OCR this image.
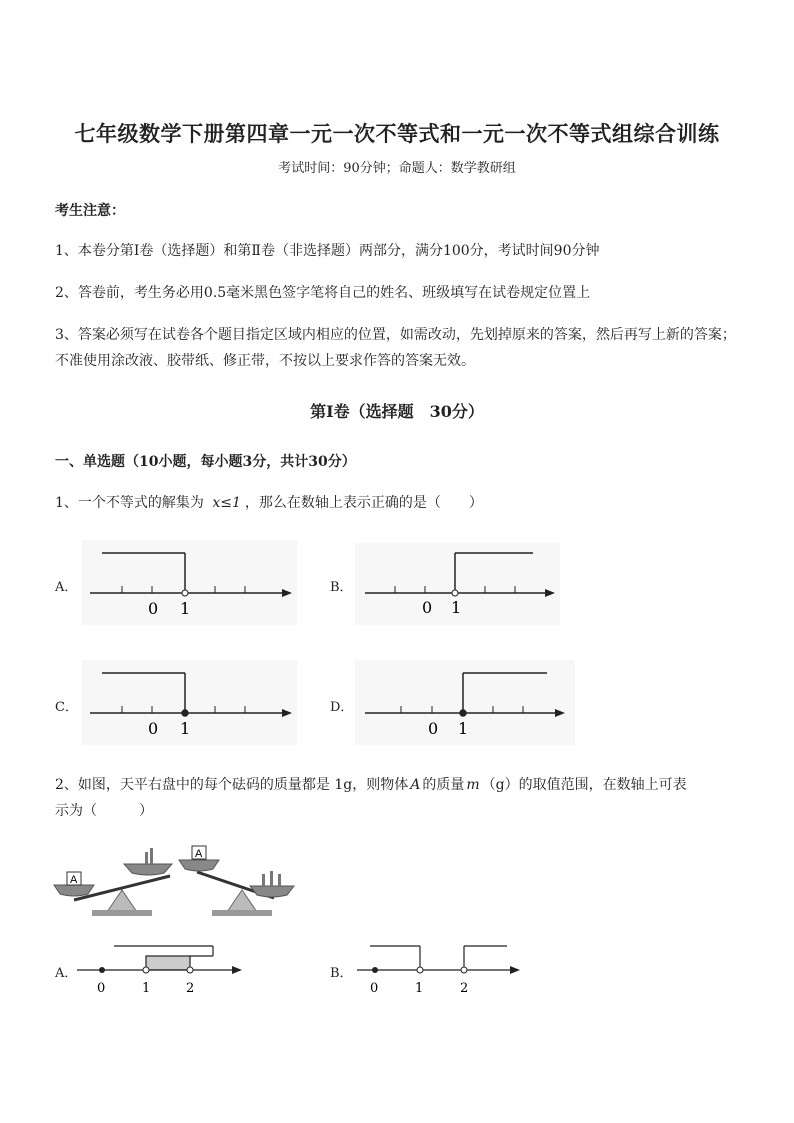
七年级数学下册第四章一元一次不等式和一元一次不等式组综合训练
考试时间：90分钟；命题人：数学教研组
考生注意：
1、本卷分第Ⅰ卷（选择题）和第Ⅱ卷（非选择题）两部分，满分100分，考试时间90分钟
2、答卷前，考生务必用0.5毫米黑色签字笔将自己的姓名、班级填写在试卷规定位置上
3、答案必须写在试卷各个题目指定区域内相应的位置，如需改动，先划掉原来的答案，然后再写上新的答案；不准使用涂改液、胶带纸、修正带，不按以上要求作答的答案无效。
第Ⅰ卷（选择题　30分）
一、单选题（10小题，每小题3分，共计30分）
1、一个不等式的解集为 x≤1 ，那么在数轴上表示正确的是（　　）
A．
0 1
B．
0 1
C．
0 1
D．
0 1
2、如图，天平右盘中的每个砝码的质量都是 1g，则物体 A 的质量 m （g）的取值范围，在数轴上可表
示为（　　　）
A
A
A．
0	1	2
B．
0	1	2
